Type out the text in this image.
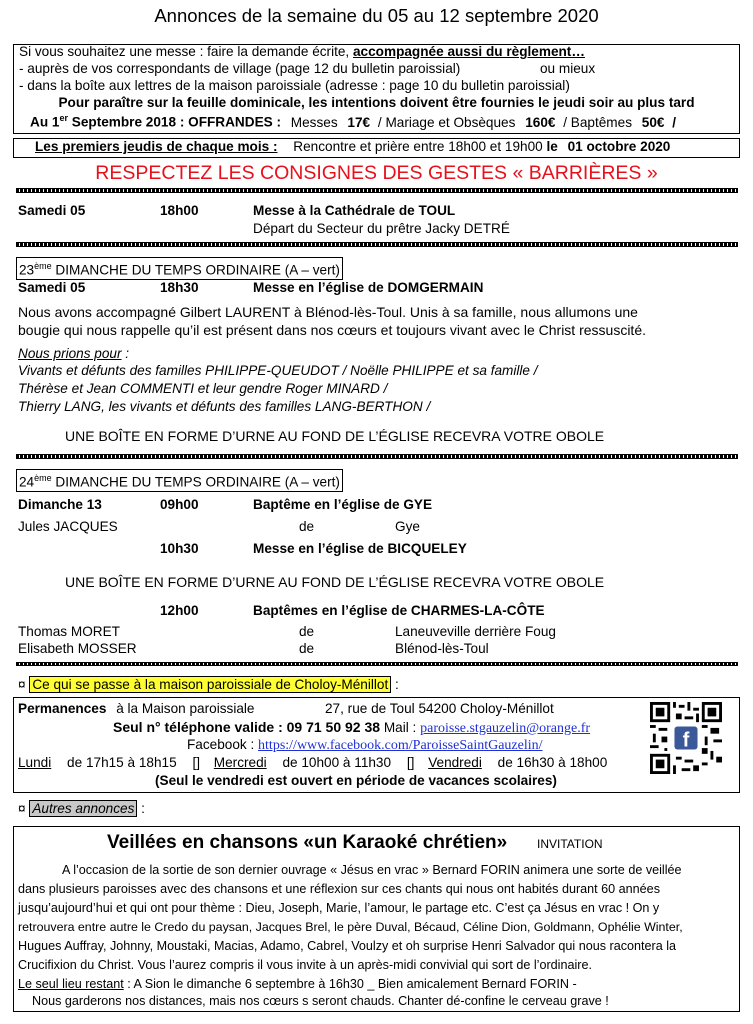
Annonces de la semaine du 05 au 12 septembre 2020
Si vous souhaitez une messe : faire la demande écrite, accompagnée aussi du règlement…
- auprès de vos correspondants de village (page 12 du bulletin paroissial)	ou mieux
- dans la boîte aux lettres de la maison paroissiale (adresse : page 10 du bulletin paroissial)
Pour paraître sur la feuille dominicale, les intentions doivent être fournies le jeudi soir au plus tard
Au 1er Septembre 2018 : OFFRANDES : Messes 17€ / Mariage et Obsèques 160€ / Baptêmes 50€ /
Les premiers jeudis de chaque mois : Rencontre et prière entre 18h00 et 19h00 le 01 octobre 2020
RESPECTEZ LES CONSIGNES DES GESTES « BARRIÈRES »
Samedi 05	18h00	Messe à la Cathédrale de TOUL
Départ du Secteur du prêtre Jacky DETRÉ
23ème DIMANCHE DU TEMPS ORDINAIRE (A – vert)
Samedi 05	18h30	Messe en l’église de DOMGERMAIN
Nous avons accompagné Gilbert LAURENT à Blénod-lès-Toul. Unis à sa famille, nous allumons une
bougie qui nous rappelle qu’il est présent dans nos cœurs et toujours vivant avec le Christ ressuscité.
Nous prions pour :
Vivants et défunts des familles PHILIPPE-QUEUDOT / Noëlle PHILIPPE et sa famille /
Thérèse et Jean COMMENTI et leur gendre Roger MINARD /
Thierry LANG, les vivants et défunts des familles LANG-BERTHON /
UNE BOÎTE EN FORME D’URNE AU FOND DE L’ÉGLISE RECEVRA VOTRE OBOLE
24ème DIMANCHE DU TEMPS ORDINAIRE (A – vert)
Dimanche 13	09h00	Baptême en l’église de GYE
Jules JACQUES	de	Gye
10h30	Messe en l’église de BICQUELEY
UNE BOÎTE EN FORME D’URNE AU FOND DE L’ÉGLISE RECEVRA VOTRE OBOLE
12h00	Baptêmes en l’église de CHARMES-LA-CÔTE
Thomas MORET	de	Laneuveville derrière Foug
Elisabeth MOSSER	de	Blénod-lès-Toul
¤ Ce qui se passe à la maison paroissiale de Choloy-Ménillot :
Permanences à la Maison paroissiale	27, rue de Toul 54200 Choloy-Ménillot
Seul n° téléphone valide : 09 71 50 92 38 Mail : paroisse.stgauzelin@orange.fr
Facebook : https://www.facebook.com/ParoisseSaintGauzelin/
Lundi de 17h15 à 18h15 [] Mercredi de 10h00 à 11h30 [] Vendredi de 16h30 à 18h00
(Seul le vendredi est ouvert en période de vacances scolaires)
f
¤ Autres annonces :
Veillées en chansons «un Karaoké chrétien» INVITATION
A l’occasion de la sortie de son dernier ouvrage « Jésus en vrac » Bernard FORIN animera une sorte de veillée
dans plusieurs paroisses avec des chansons et une réflexion sur ces chants qui nous ont habités durant 60 années
jusqu’aujourd’hui et qui ont pour thème : Dieu, Joseph, Marie, l’amour, le partage etc. C’est ça Jésus en vrac ! On y
retrouvera entre autre le Credo du paysan, Jacques Brel, le père Duval, Bécaud, Céline Dion, Goldmann, Ophélie Winter,
Hugues Auffray, Johnny, Moustaki, Macias, Adamo, Cabrel, Voulzy et oh surprise Henri Salvador qui nous racontera la
Crucifixion du Christ. Vous l’aurez compris il vous invite à un après-midi convivial qui sort de l’ordinaire.
Le seul lieu restant : A Sion le dimanche 6 septembre à 16h30 _ Bien amicalement Bernard FORIN -
Nous garderons nos distances, mais nos cœurs s seront chauds. Chanter dé-confine le cerveau grave !
